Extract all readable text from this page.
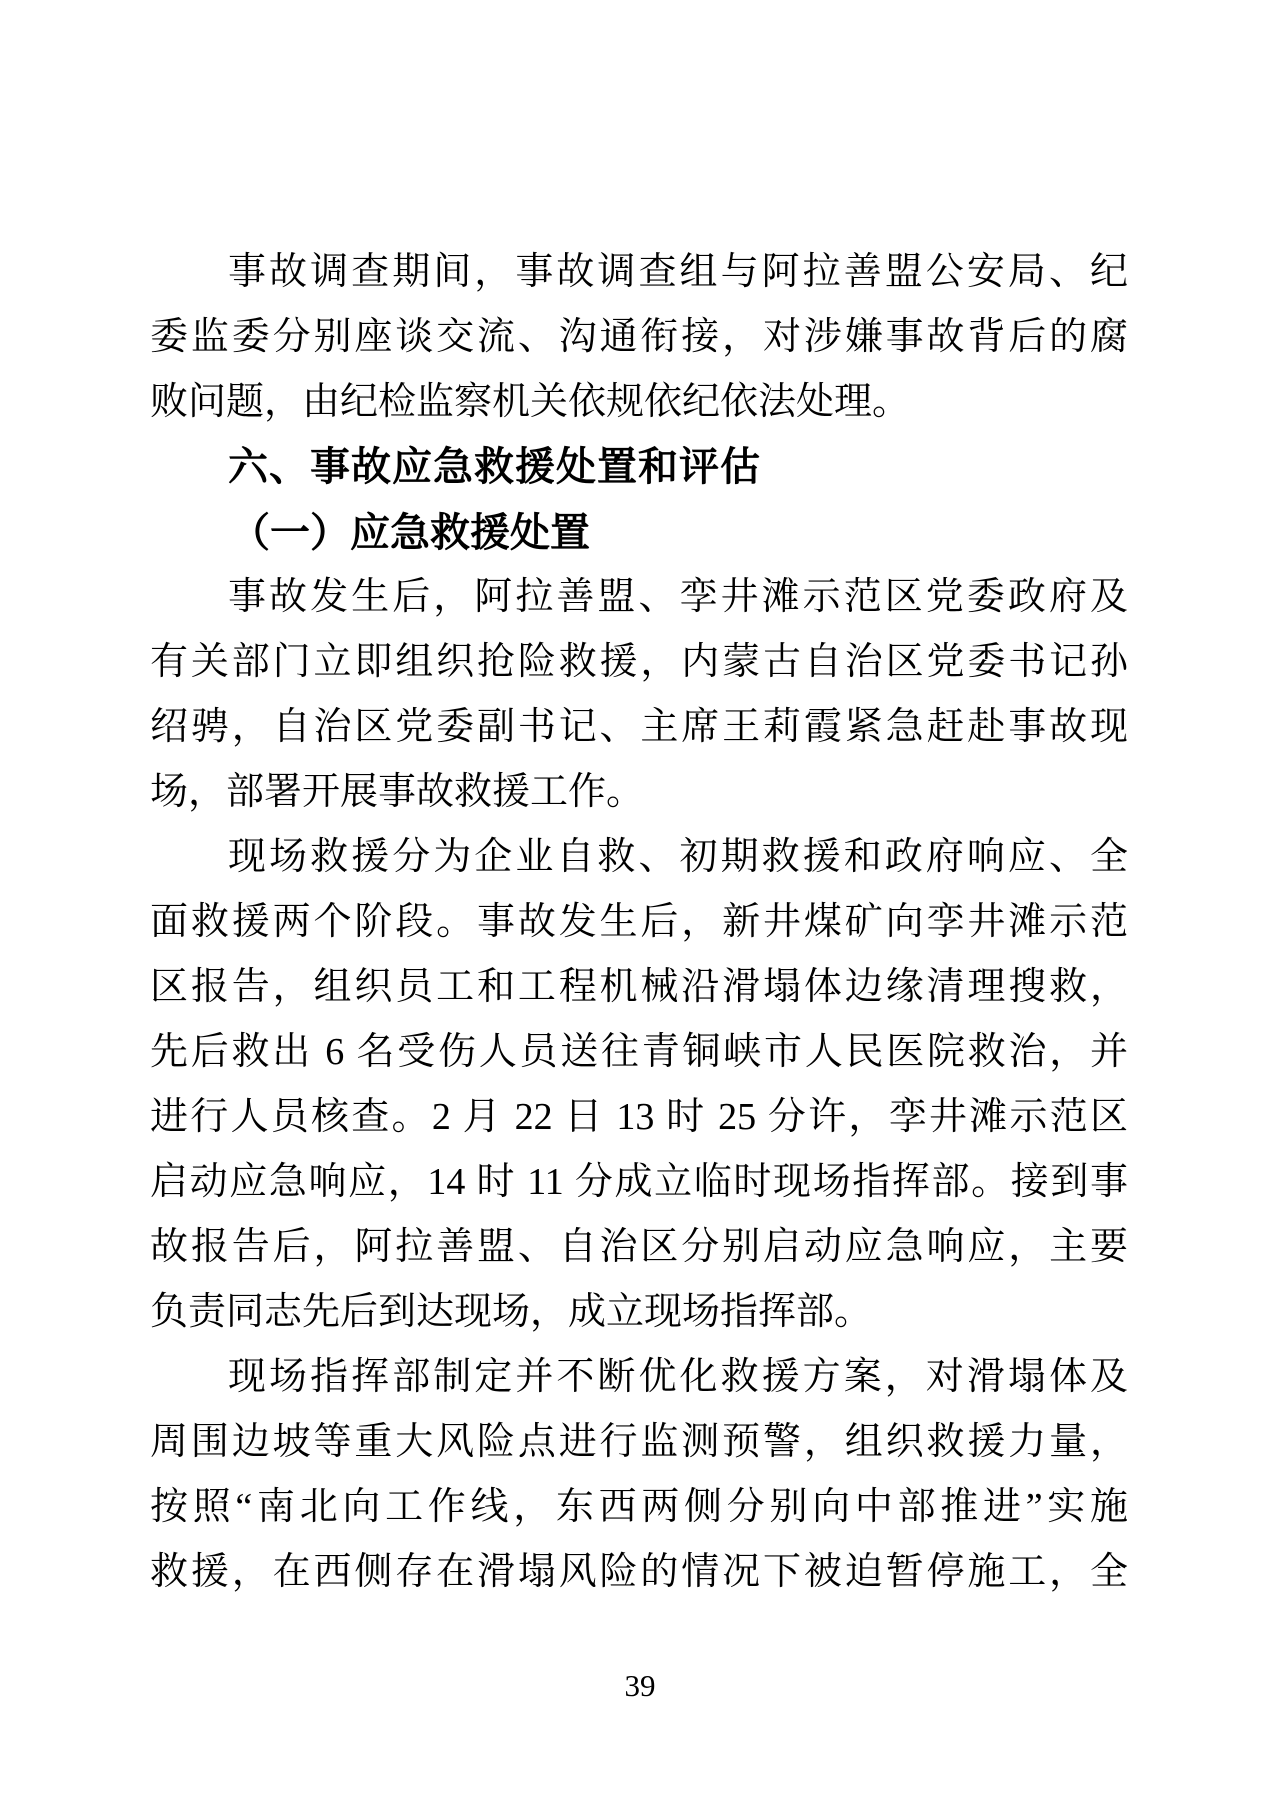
事故调查期间，事故调查组与阿拉善盟公安局、纪

委监委分别座谈交流、沟通衔接，对涉嫌事故背后的腐

败问题，由纪检监察机关依规依纪依法处理。

六、事故应急救援处置和评估

（一）应急救援处置

事故发生后，阿拉善盟、孪井滩示范区党委政府及

有关部门立即组织抢险救援，内蒙古自治区党委书记孙

绍骋，自治区党委副书记、主席王莉霞紧急赶赴事故现

场，部署开展事故救援工作。

现场救援分为企业自救、初期救援和政府响应、全

面救援两个阶段。事故发生后，新井煤矿向孪井滩示范

区报告，组织员工和工程机械沿滑塌体边缘清理搜救，

先后救出 6 名受伤人员送往青铜峡市人民医院救治，并

进行人员核查。2 月 22 日 13 时 25 分许，孪井滩示范区

启动应急响应，14 时 11 分成立临时现场指挥部。接到事

故报告后，阿拉善盟、自治区分别启动应急响应，主要

负责同志先后到达现场，成立现场指挥部。

现场指挥部制定并不断优化救援方案，对滑塌体及

周围边坡等重大风险点进行监测预警，组织救援力量，

按照“南北向工作线，东西两侧分别向中部推进”实施

救援，在西侧存在滑塌风险的情况下被迫暂停施工，全

39
